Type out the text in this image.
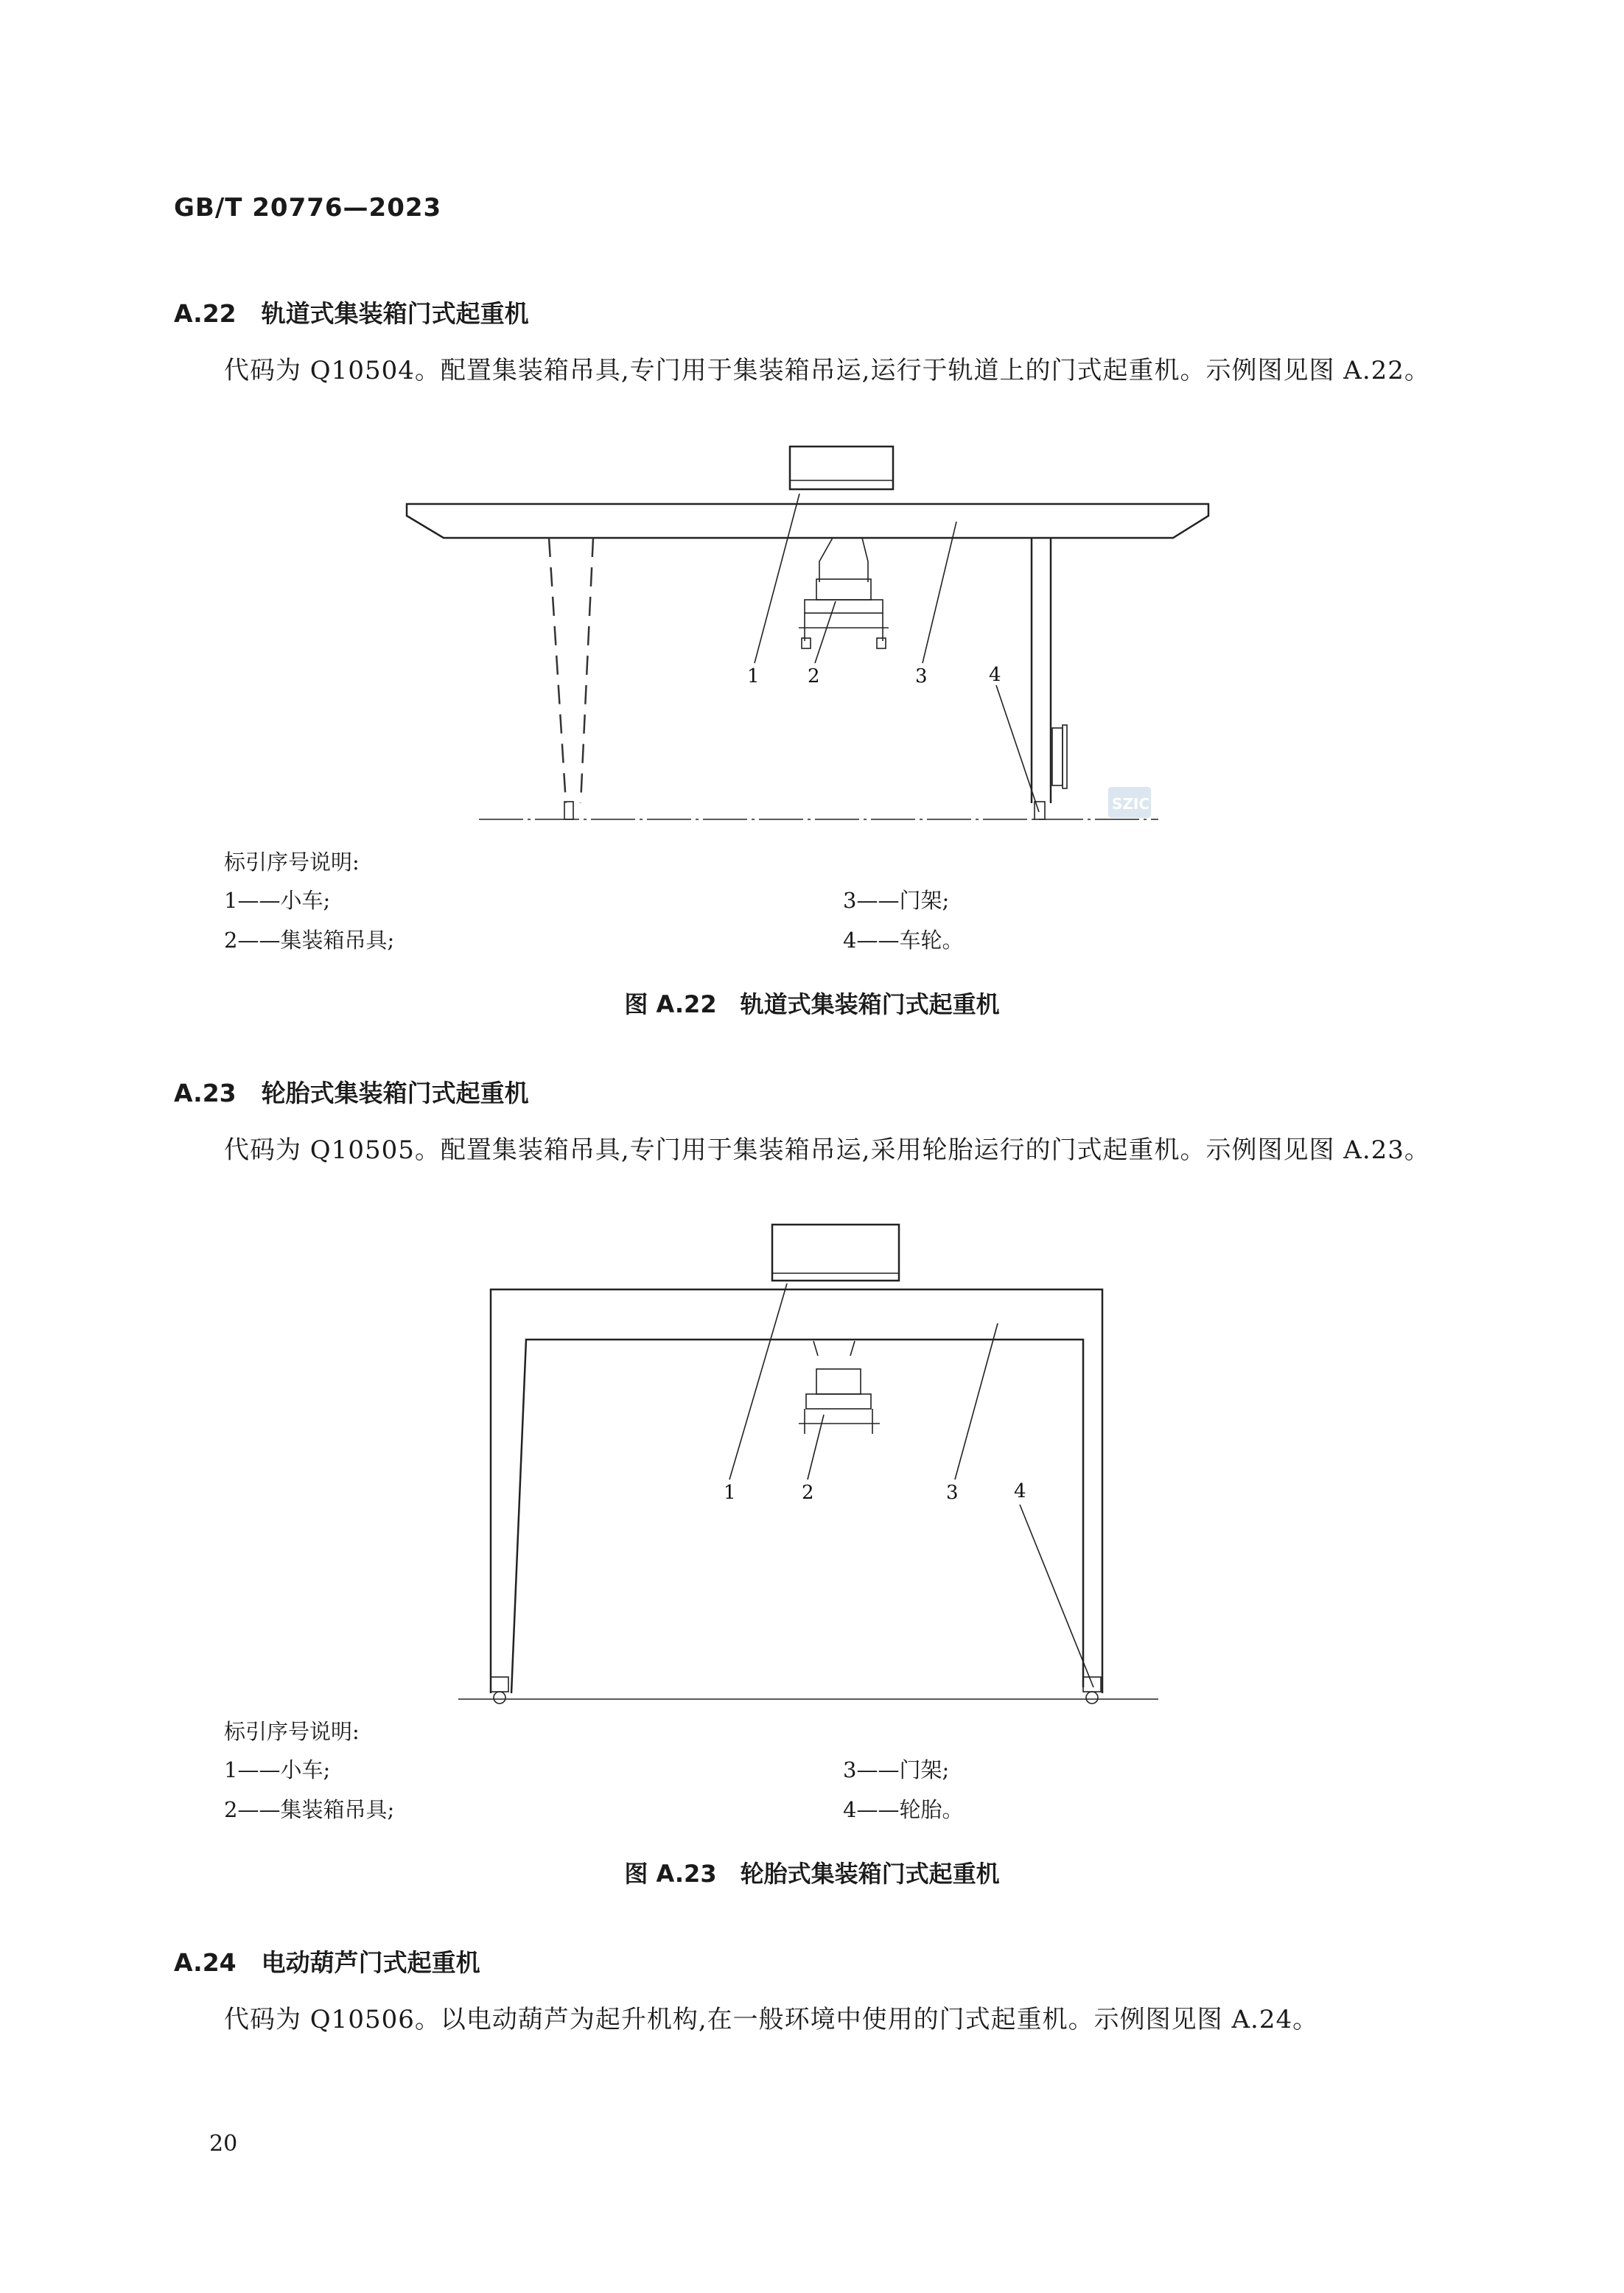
GB/T 20776—2023
A.22 轨道式集装箱门式起重机
代码为 Q10504。配置集装箱吊具,专门用于集装箱吊运,运行于轨道上的门式起重机。示例图见图 A.22。
SZIC
1	2	3	4
标引序号说明:
1——小车;
2——集装箱吊具;
3——门架;
4——车轮。
图 A.22 轨道式集装箱门式起重机
A.23 轮胎式集装箱门式起重机
代码为 Q10505。配置集装箱吊具,专门用于集装箱吊运,采用轮胎运行的门式起重机。示例图见图 A.23。
1	2	3	4
标引序号说明:
1——小车;
2——集装箱吊具;
3——门架;
4——轮胎。
图 A.23 轮胎式集装箱门式起重机
A.24 电动葫芦门式起重机
代码为 Q10506。以电动葫芦为起升机构,在一般环境中使用的门式起重机。示例图见图 A.24。
20
